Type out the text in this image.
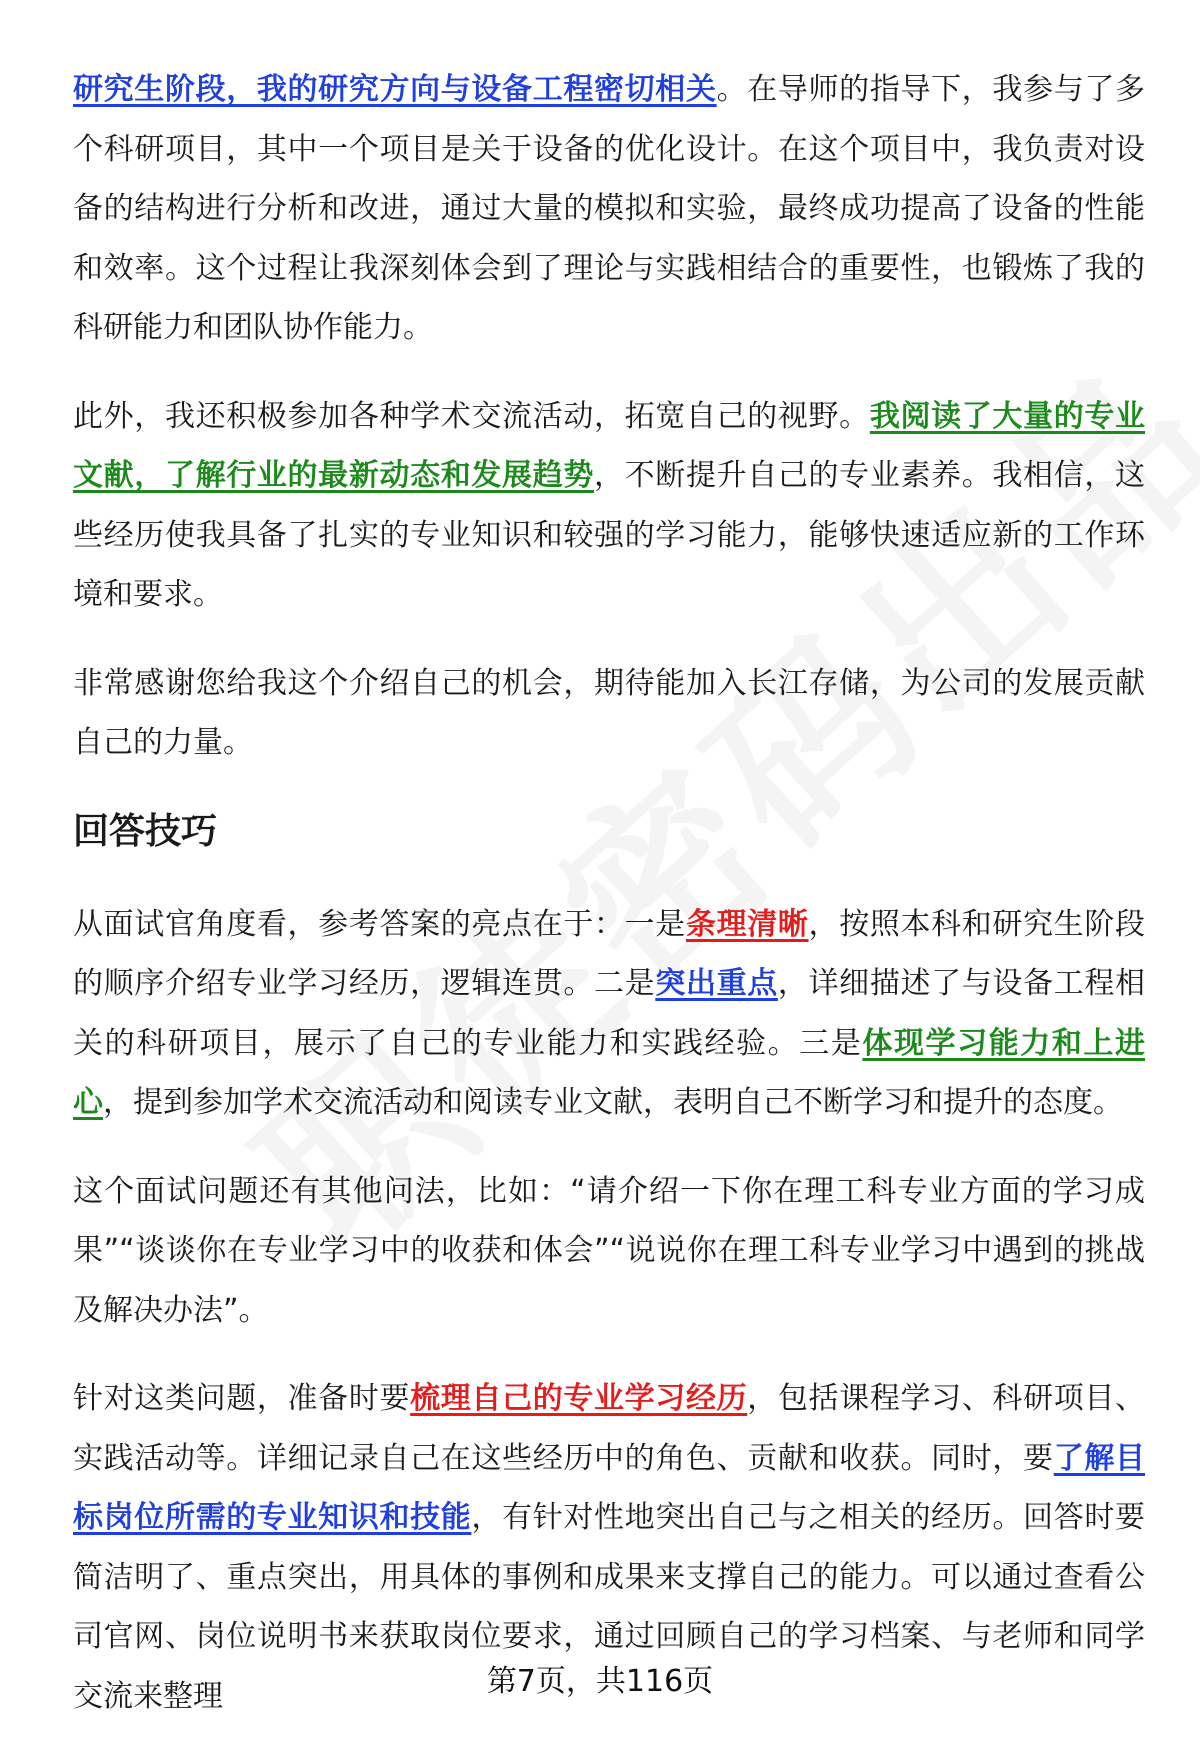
研究生阶段，我的研究方向与设备工程密切相关。在导师的指导下，我参与了多个科研项目，其中一个项目是关于设备的优化设计。在这个项目中，我负责对设备的结构进行分析和改进，通过大量的模拟和实验，最终成功提高了设备的性能和效率。这个过程让我深刻体会到了理论与实践相结合的重要性，也锻炼了我的科研能力和团队协作能力。

此外，我还积极参加各种学术交流活动，拓宽自己的视野。我阅读了大量的专业文献，了解行业的最新动态和发展趋势，不断提升自己的专业素养。我相信，这些经历使我具备了扎实的专业知识和较强的学习能力，能够快速适应新的工作环境和要求。

非常感谢您给我这个介绍自己的机会，期待能加入长江存储，为公司的发展贡献自己的力量。

回答技巧

从面试官角度看，参考答案的亮点在于：一是条理清晰，按照本科和研究生阶段的顺序介绍专业学习经历，逻辑连贯。二是突出重点，详细描述了与设备工程相关的科研项目，展示了自己的专业能力和实践经验。三是体现学习能力和上进心，提到参加学术交流活动和阅读专业文献，表明自己不断学习和提升的态度。

这个面试问题还有其他问法，比如：“请介绍一下你在理工科专业方面的学习成果”“谈谈你在专业学习中的收获和体会”“说说你在理工科专业学习中遇到的挑战及解决办法”。

针对这类问题，准备时要梳理自己的专业学习经历，包括课程学习、科研项目、实践活动等。详细记录自己在这些经历中的角色、贡献和收获。同时，要了解目标岗位所需的专业知识和技能，有针对性地突出自己与之相关的经历。回答时要简洁明了、重点突出，用具体的事例和成果来支撑自己的能力。可以通过查看公司官网、岗位说明书来获取岗位要求，通过回顾自己的学习档案、与老师和同学交流来整理	第7页，共116页
